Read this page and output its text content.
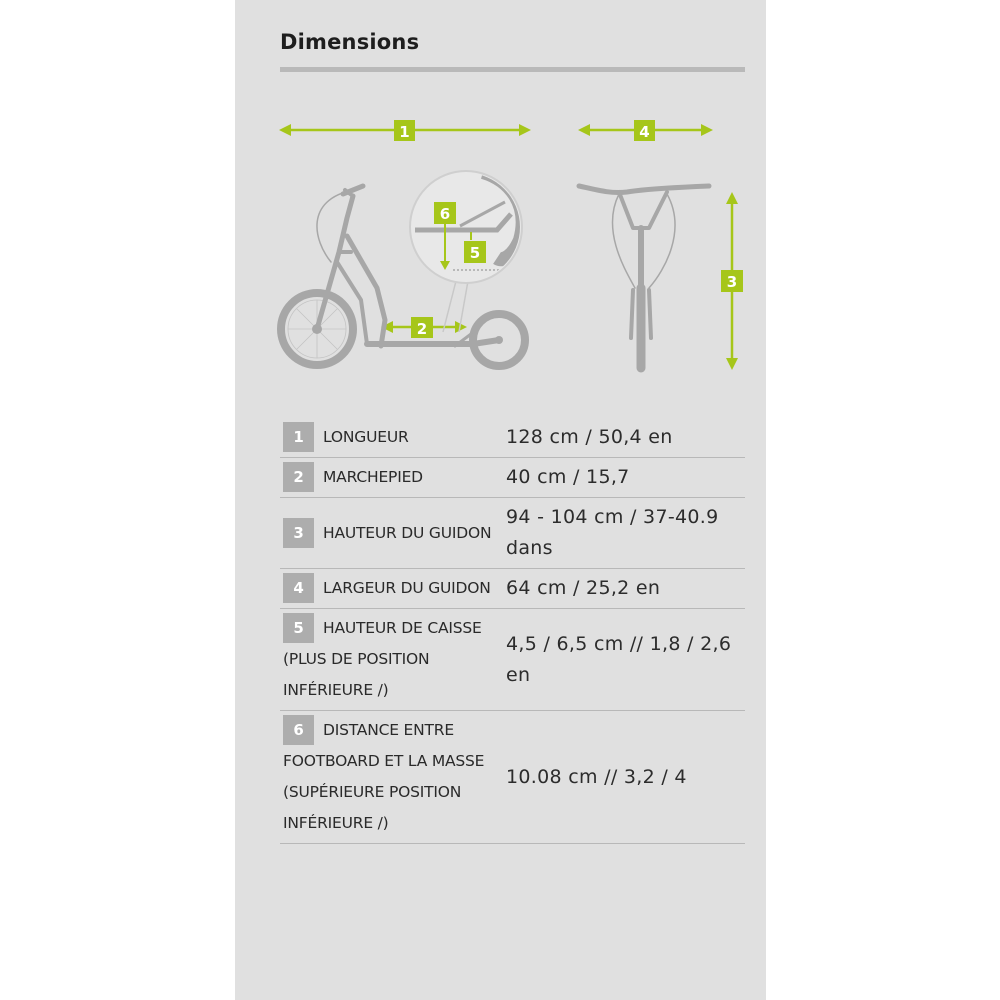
Dimensions
1	4
3
2
6
5
1 LONGUEUR	128 cm / 50,4 en
2 MARCHEPIED	40 cm / 15,7
3 HAUTEUR DU GUIDON	94 - 104 cm / 37-40.9 dans
4 LARGEUR DU GUIDON	64 cm / 25,2 en
5 HAUTEUR DE CAISSE (PLUS DE POSITION INFÉRIEURE /)	4,5 / 6,5 cm // 1,8 / 2,6 en
6 DISTANCE ENTRE FOOTBOARD ET LA MASSE (SUPÉRIEURE POSITION INFÉRIEURE /)	10.08 cm // 3,2 / 4
